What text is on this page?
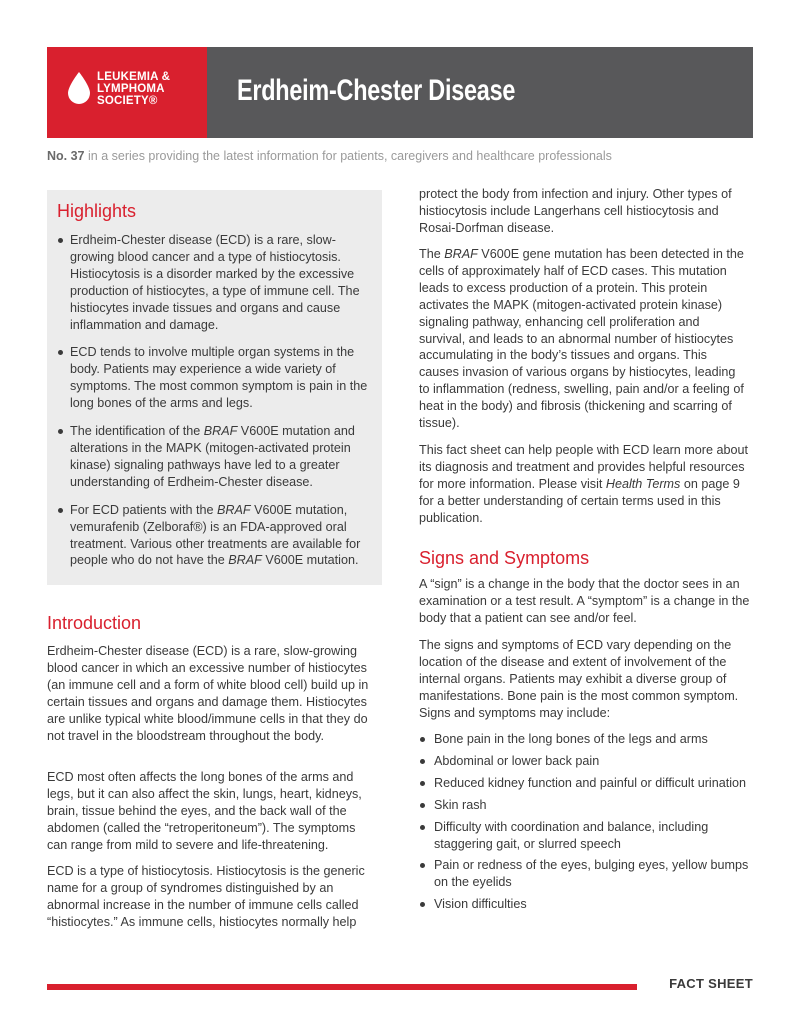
LEUKEMIA &
LYMPHOMA
SOCIETY®	Erdheim-Chester Disease
No. 37 in a series providing the latest information for patients, caregivers and healthcare professionals
Highlights
Erdheim-Chester disease (ECD) is a rare, slow-growing blood cancer and a type of histiocytosis. Histiocytosis is a disorder marked by the excessive production of histiocytes, a type of immune cell. The histiocytes invade tissues and organs and cause inflammation and damage.
ECD tends to involve multiple organ systems in the body. Patients may experience a wide variety of symptoms. The most common symptom is pain in the long bones of the arms and legs.
The identification of the BRAF V600E mutation and alterations in the MAPK (mitogen-activated protein kinase) signaling pathways have led to a greater understanding of Erdheim-Chester disease.
For ECD patients with the BRAF V600E mutation, vemurafenib (Zelboraf®) is an FDA-approved oral treatment. Various other treatments are available for people who do not have the BRAF V600E mutation.
Introduction

Erdheim-Chester disease (ECD) is a rare, slow-growing blood cancer in which an excessive number of histiocytes (an immune cell and a form of white blood cell) build up in certain tissues and organs and damage them. Histiocytes are unlike typical white blood/immune cells in that they do not travel in the bloodstream throughout the body.

ECD most often affects the long bones of the arms and legs, but it can also affect the skin, lungs, heart, kidneys, brain, tissue behind the eyes, and the back wall of the abdomen (called the “retroperitoneum”). The symptoms can range from mild to severe and life-threatening.

ECD is a type of histiocytosis. Histiocytosis is the generic name for a group of syndromes distinguished by an abnormal increase in the number of immune cells called “histiocytes.” As immune cells, histiocytes normally help

protect the body from infection and injury. Other types of histiocytosis include Langerhans cell histiocytosis and Rosai-Dorfman disease.

The BRAF V600E gene mutation has been detected in the cells of approximately half of ECD cases. This mutation leads to excess production of a protein. This protein activates the MAPK (mitogen-activated protein kinase) signaling pathway, enhancing cell proliferation and survival, and leads to an abnormal number of histiocytes accumulating in the body’s tissues and organs. This causes invasion of various organs by histiocytes, leading to inflammation (redness, swelling, pain and/or a feeling of heat in the body) and fibrosis (thickening and scarring of tissue).

This fact sheet can help people with ECD learn more about its diagnosis and treatment and provides helpful resources for more information. Please visit Health Terms on page 9 for a better understanding of certain terms used in this publication.

Signs and Symptoms

A “sign” is a change in the body that the doctor sees in an examination or a test result. A “symptom” is a change in the body that a patient can see and/or feel.

The signs and symptoms of ECD vary depending on the location of the disease and extent of involvement of the internal organs. Patients may exhibit a diverse group of manifestations. Bone pain is the most common symptom. Signs and symptoms may include:

Bone pain in the long bones of the legs and arms
Abdominal or lower back pain
Reduced kidney function and painful or difficult urination
Skin rash
Difficulty with coordination and balance, including staggering gait, or slurred speech
Pain or redness of the eyes, bulging eyes, yellow bumps on the eyelids
Vision difficulties
FACT SHEET
